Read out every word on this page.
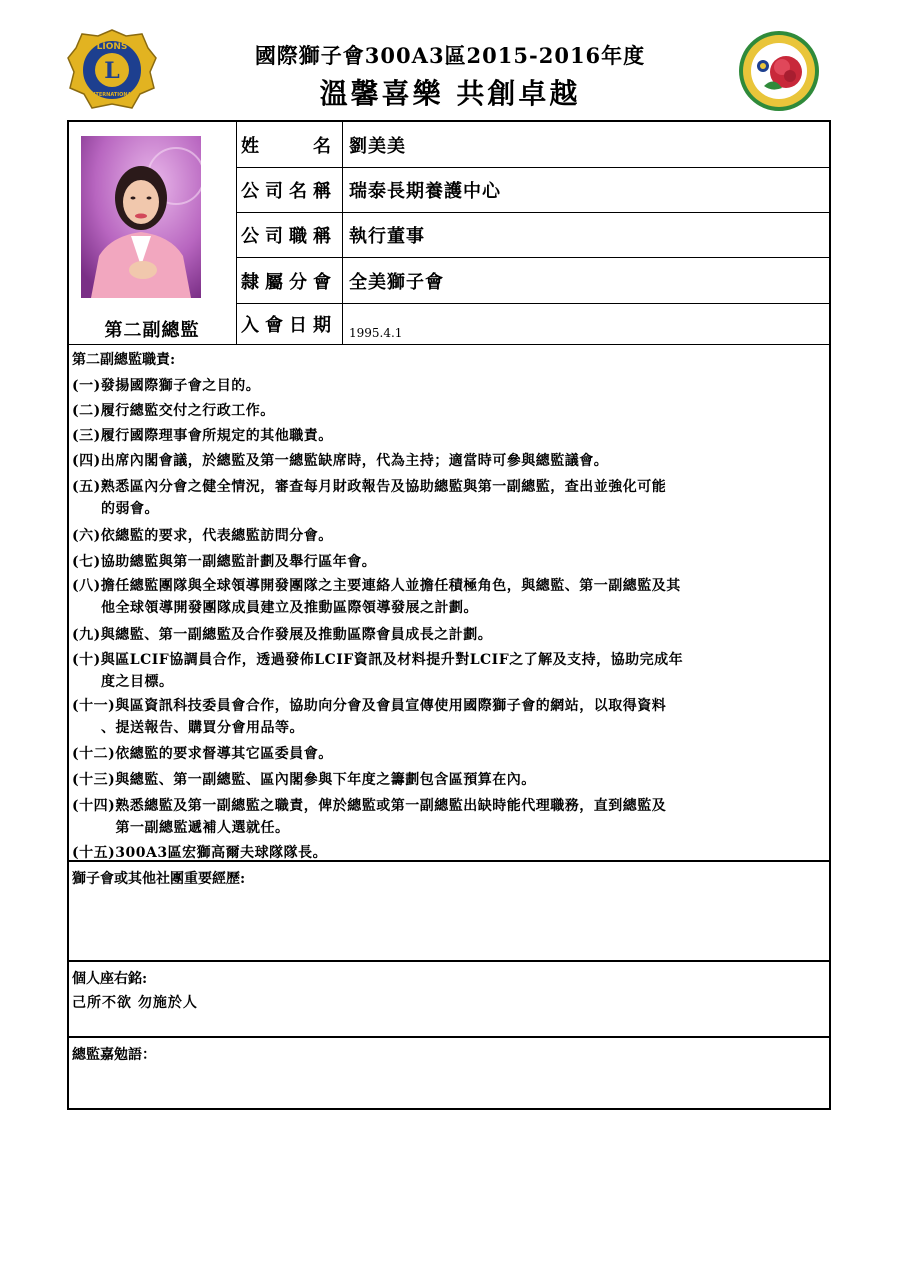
L
LIONS
INTERNATIONAL
國際獅子會300A3區2015-2016年度
溫馨喜樂 共創卓越
第二副總監
姓　　名 劉美美
公司名稱 瑞泰長期養護中心
公司職稱 執行董事
隸屬分會 全美獅子會
入會日期	1995.4.1
第二副總監職責:
(一)發揚國際獅子會之目的。
(二)履行總監交付之行政工作。
(三)履行國際理事會所規定的其他職責。
(四)出席內閣會議，於總監及第一總監缺席時，代為主持；適當時可參與總監議會。
(五)熟悉區內分會之健全情況，審查每月財政報告及協助總監與第一副總監，查出並強化可能
　　的弱會。
(六)依總監的要求，代表總監訪問分會。
(七)協助總監與第一副總監計劃及舉行區年會。
(八)擔任總監團隊與全球領導開發團隊之主要連絡人並擔任積極角色，與總監、第一副總監及其
　　他全球領導開發團隊成員建立及推動區際領導發展之計劃。
(九)與總監、第一副總監及合作發展及推動區際會員成長之計劃。
(十)與區LCIF協調員合作，透過發佈LCIF資訊及材料提升對LCIF之了解及支持，協助完成年
　　度之目標。
(十一)與區資訊科技委員會合作，協助向分會及會員宣傳使用國際獅子會的網站，以取得資料
　　、提送報告、購買分會用品等。
(十二)依總監的要求督導其它區委員會。
(十三)與總監、第一副總監、區內閣參與下年度之籌劃包含區預算在內。
(十四)熟悉總監及第一副總監之職責，俾於總監或第一副總監出缺時能代理職務，直到總監及
　　　第一副總監遞補人選就任。
(十五)300A3區宏獅高爾夫球隊隊長。
獅子會或其他社團重要經歷:
個人座右銘:
己所不欲 勿施於人
總監嘉勉語：
